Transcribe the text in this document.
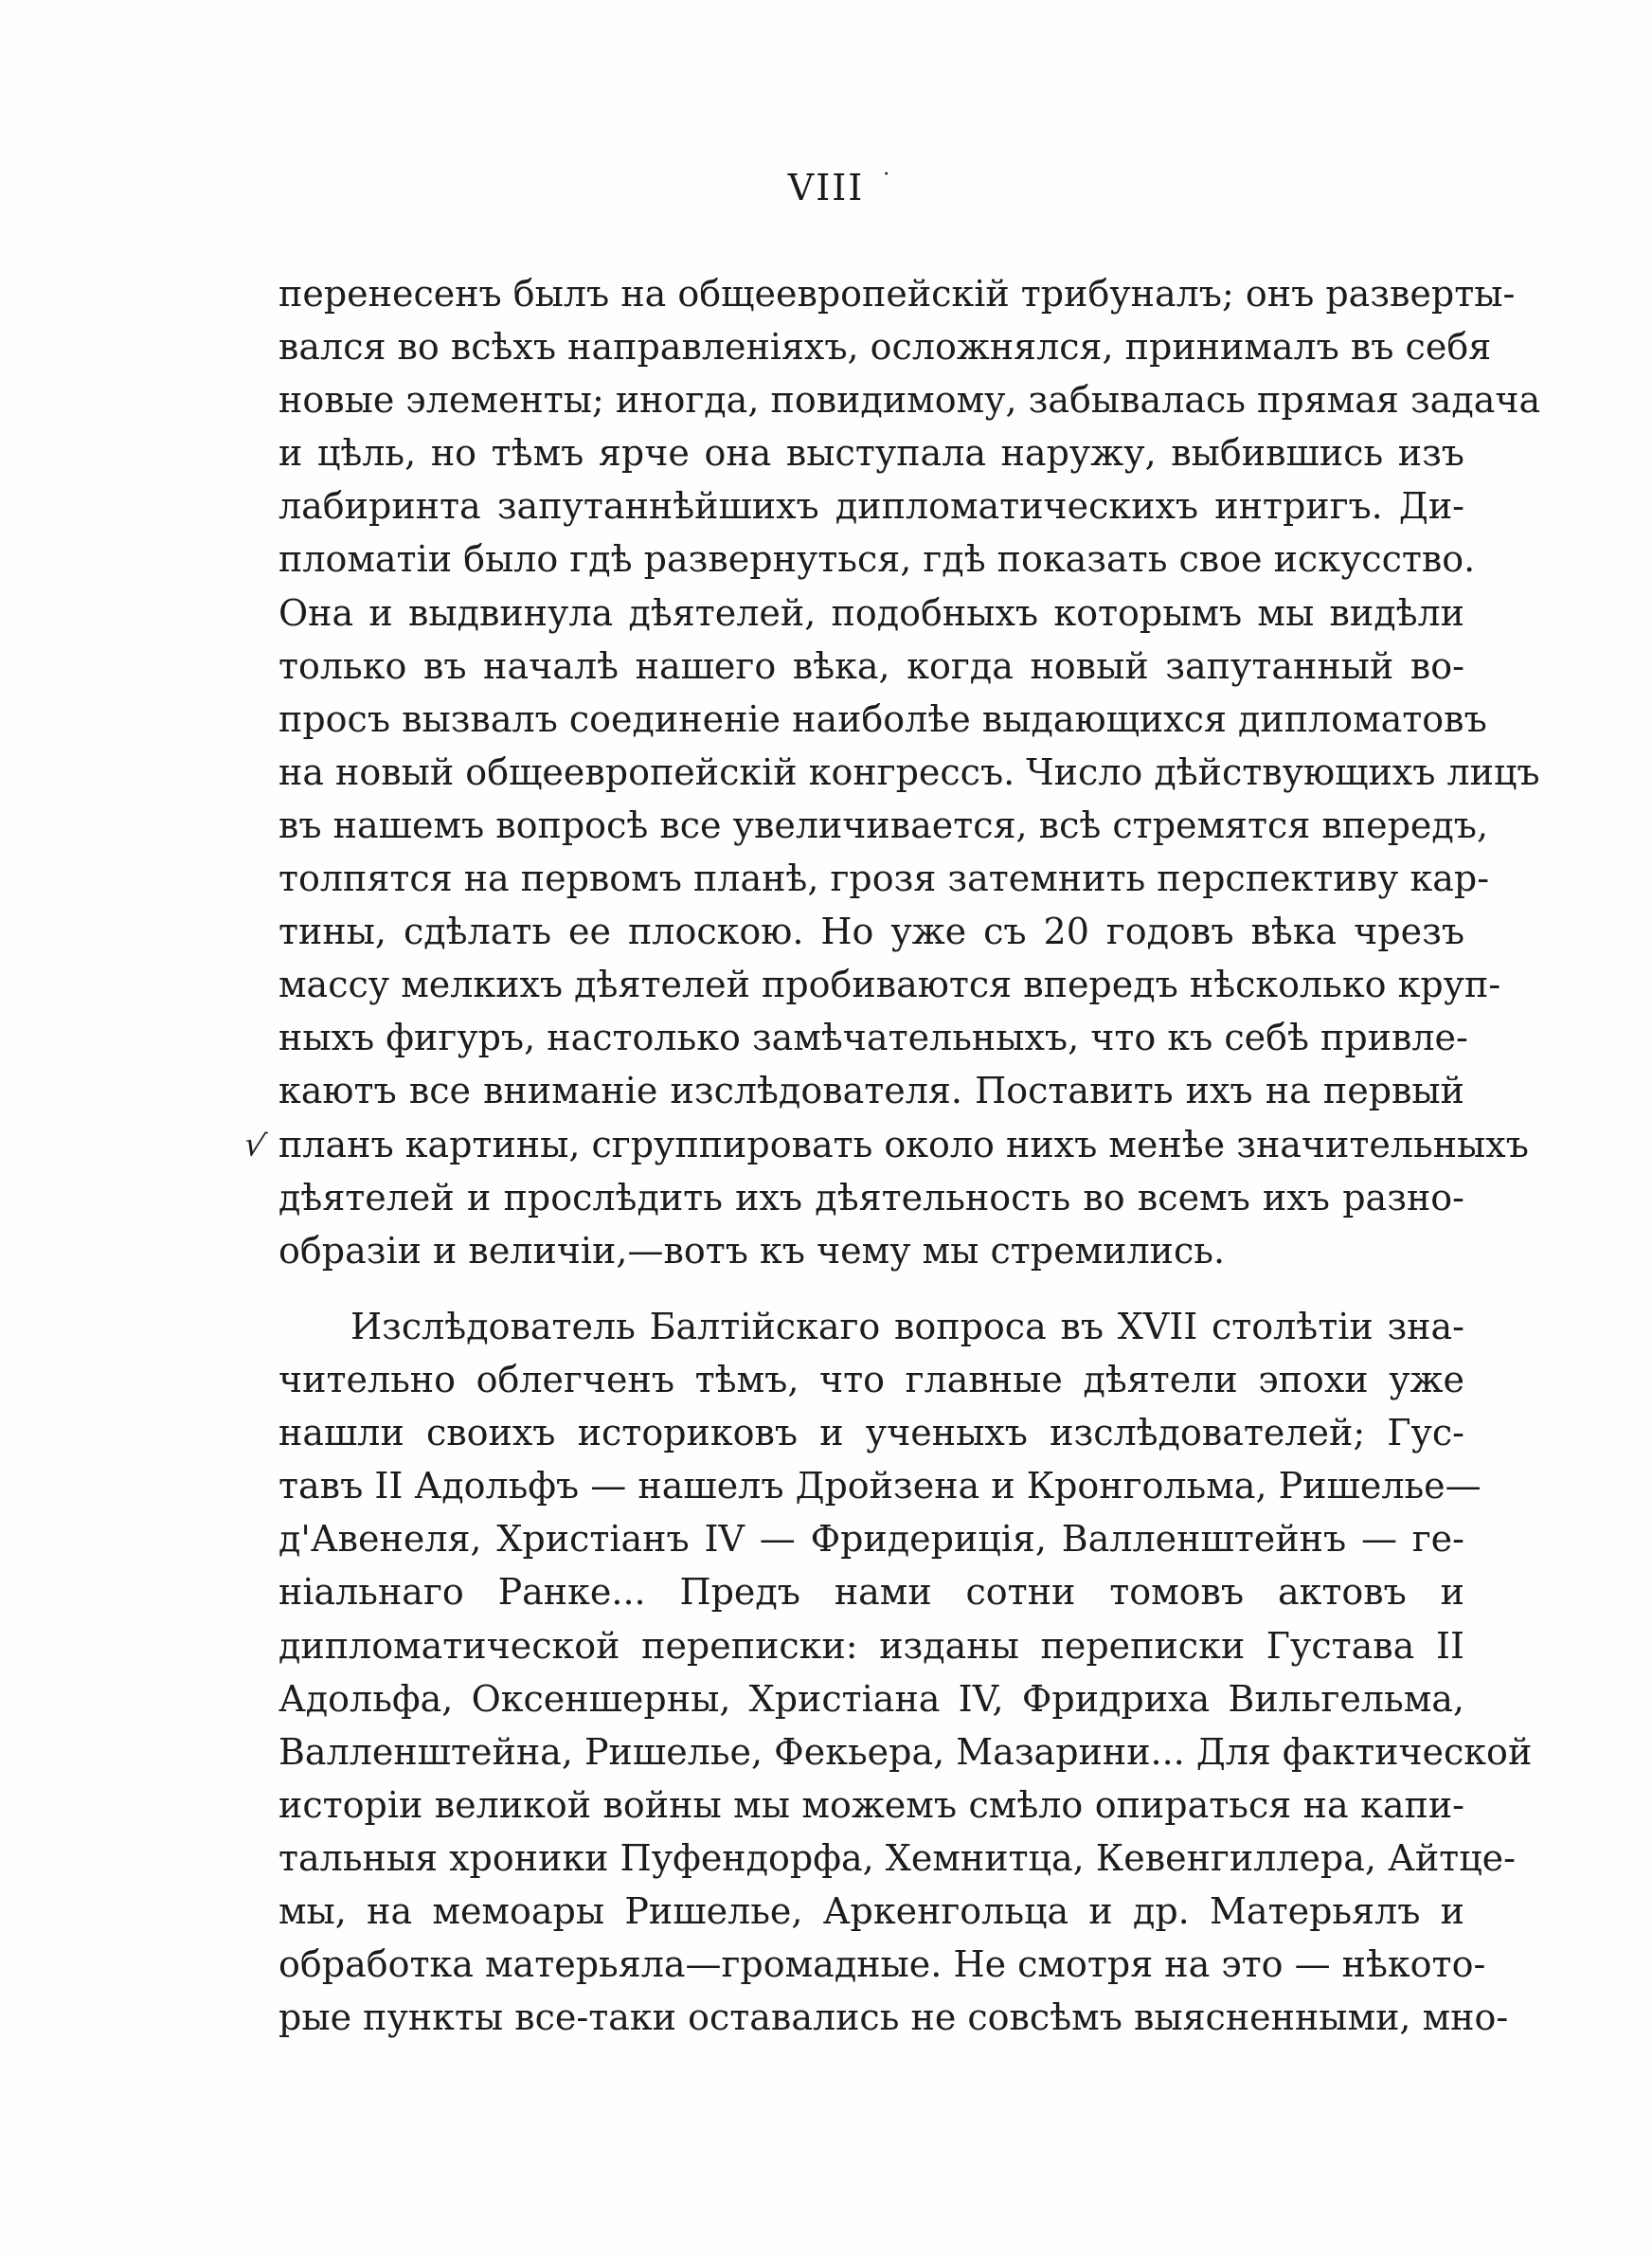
VIII ·
√
перенесенъ былъ на общеевропейскій трибуналъ; онъ разверты-
вался во всѣхъ направленіяхъ, осложнялся, принималъ въ себя
новые элементы; иногда, повидимому, забывалась прямая задача
и цѣль, но тѣмъ ярче она выступала наружу, выбившись изъ
лабиринта запутаннѣйшихъ дипломатическихъ интригъ. Ди-
пломатіи было гдѣ развернуться, гдѣ показать свое искусство.
Она и выдвинула дѣятелей, подобныхъ которымъ мы видѣли
только въ началѣ нашего вѣка, когда новый запутанный во-
просъ вызвалъ соединеніе наиболѣе выдающихся дипломатовъ
на новый общеевропейскій конгрессъ. Число дѣйствующихъ лицъ
въ нашемъ вопросѣ все увеличивается, всѣ стремятся впередъ,
толпятся на первомъ планѣ, грозя затемнить перспективу кар-
тины, сдѣлать ее плоскою. Но уже съ 20 годовъ вѣка чрезъ
массу мелкихъ дѣятелей пробиваются впередъ нѣсколько круп-
ныхъ фигуръ, настолько замѣчательныхъ, что къ себѣ привле-
каютъ все вниманіе изслѣдователя. Поставить ихъ на первый
планъ картины, сгруппировать около нихъ менѣе значительныхъ
дѣятелей и прослѣдить ихъ дѣятельность во всемъ ихъ разно-
образіи и величіи,—вотъ къ чему мы стремились.
Изслѣдователь Балтійскаго вопроса въ XVII столѣтіи зна-
чительно облегченъ тѣмъ, что главные дѣятели эпохи уже
нашли своихъ историковъ и ученыхъ изслѣдователей; Гус-
тавъ II Адольфъ — нашелъ Дройзена и Кронгольма, Ришелье—
д'Авенеля, Христіанъ IV — Фридериція, Валленштейнъ — ге-
ніальнаго Ранке... Предъ нами сотни томовъ актовъ и
дипломатической переписки: изданы переписки Густава II
Адольфа, Оксеншерны, Христіана IV, Фридриха Вильгельма,
Валленштейна, Ришелье, Фекьера, Мазарини... Для фактической
исторіи великой войны мы можемъ смѣло опираться на капи-
тальныя хроники Пуфендорфа, Хемнитца, Кевенгиллера, Айтце-
мы, на мемоары Ришелье, Аркенгольца и др. Матерьялъ и
обработка матерьяла—громадные. Не смотря на это — нѣкото-
рые пункты все-таки оставались не совсѣмъ выясненными, мно-
